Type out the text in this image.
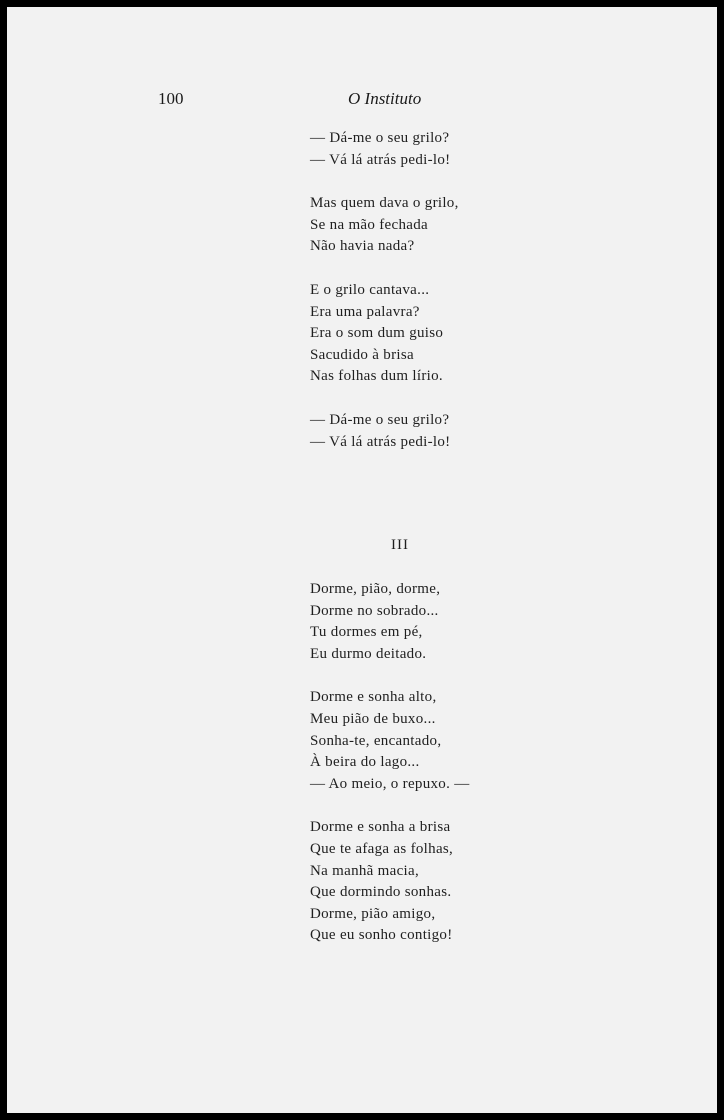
100	O Instituto
— Dá-me o seu grilo?
— Vá lá atrás pedi-lo!
Mas quem dava o grilo,
Se na mão fechada
Não havia nada?
E o grilo cantava...
Era uma palavra?
Era o som dum guiso
Sacudido à brisa
Nas folhas dum lírio.
— Dá-me o seu grilo?
— Vá lá atrás pedi-lo!
III
Dorme, pião, dorme,
Dorme no sobrado...
Tu dormes em pé,
Eu durmo deitado.
Dorme e sonha alto,
Meu pião de buxo...
Sonha-te, encantado,
À beira do lago...
— Ao meio, o repuxo. —
Dorme e sonha a brisa
Que te afaga as folhas,
Na manhã macia,
Que dormindo sonhas.
Dorme, pião amigo,
Que eu sonho contigo!
